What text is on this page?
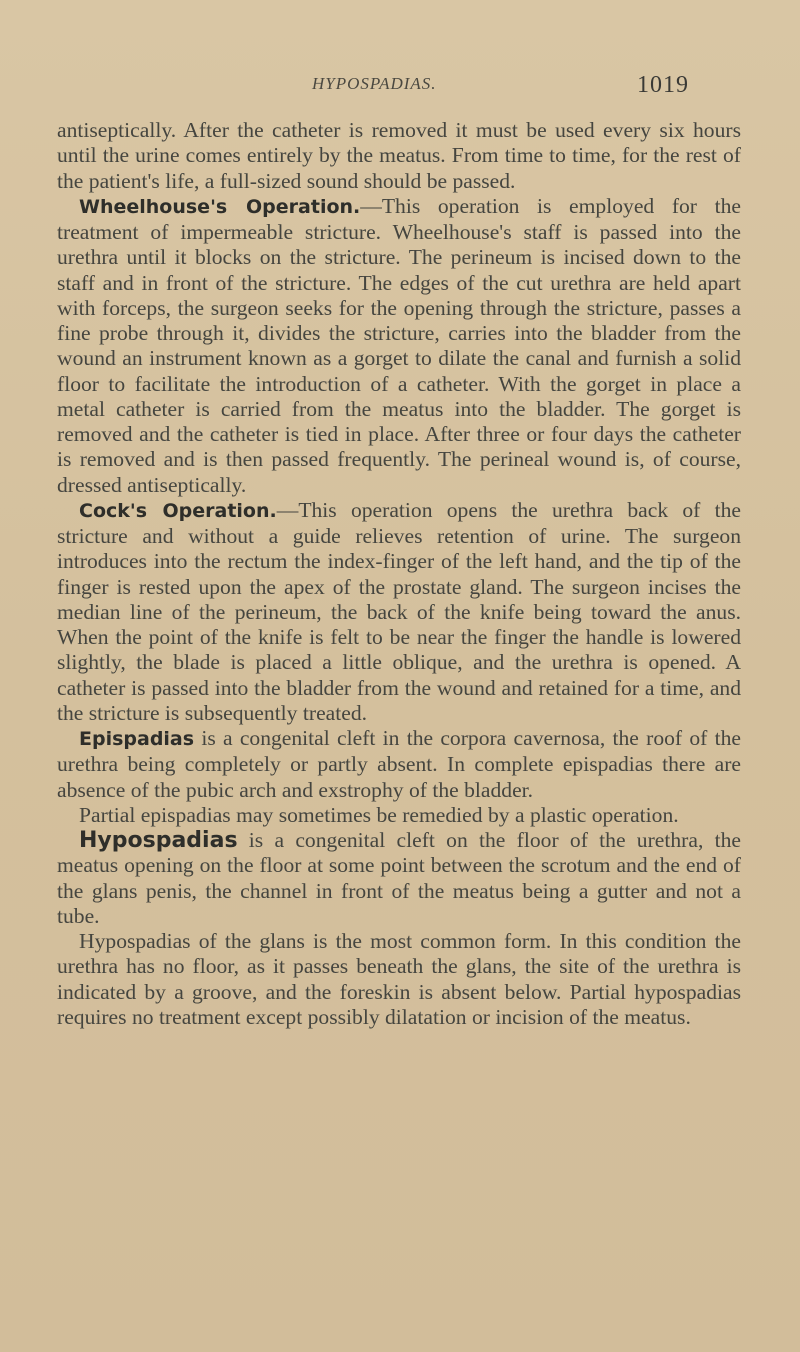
HYPOSPADIAS.	1019

antiseptically. After the catheter is removed it must be used every six hours until the urine comes entirely by the meatus. From time to time, for the rest of the patient's life, a full-sized sound should be passed.

Wheelhouse's Operation.—This operation is employed for the treatment of impermeable stricture. Wheelhouse's staff is passed into the urethra until it blocks on the stricture. The perineum is incised down to the staff and in front of the stricture. The edges of the cut urethra are held apart with forceps, the surgeon seeks for the opening through the stricture, passes a fine probe through it, divides the stricture, carries into the bladder from the wound an instrument known as a gorget to dilate the canal and furnish a solid floor to facilitate the introduction of a catheter. With the gorget in place a metal catheter is carried from the meatus into the bladder. The gorget is removed and the catheter is tied in place. After three or four days the catheter is removed and is then passed frequently. The perineal wound is, of course, dressed antiseptically.

Cock's Operation.—This operation opens the urethra back of the stricture and without a guide relieves retention of urine. The surgeon introduces into the rectum the index-finger of the left hand, and the tip of the finger is rested upon the apex of the prostate gland. The surgeon incises the median line of the perineum, the back of the knife being toward the anus. When the point of the knife is felt to be near the finger the handle is lowered slightly, the blade is placed a little oblique, and the urethra is opened. A catheter is passed into the bladder from the wound and retained for a time, and the stricture is subsequently treated.

Epispadias is a congenital cleft in the corpora cavernosa, the roof of the urethra being completely or partly absent. In complete epispadias there are absence of the pubic arch and exstrophy of the bladder.

Partial epispadias may sometimes be remedied by a plastic operation.

Hypospadias is a congenital cleft on the floor of the urethra, the meatus opening on the floor at some point between the scrotum and the end of the glans penis, the channel in front of the meatus being a gutter and not a tube.

Hypospadias of the glans is the most common form. In this condition the urethra has no floor, as it passes beneath the glans, the site of the urethra is indicated by a groove, and the foreskin is absent below. Partial hypospadias requires no treatment except possibly dilatation or incision of the meatus.
